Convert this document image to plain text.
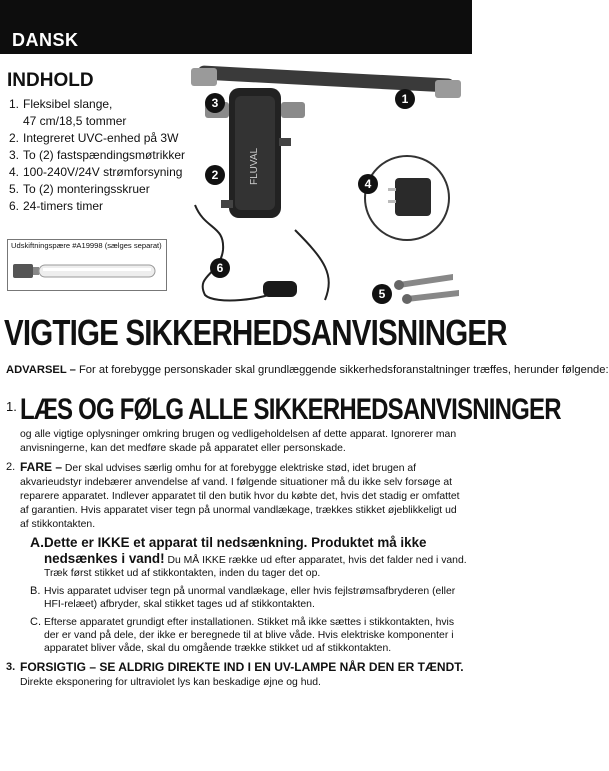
DANSK
INDHOLD
1. Fleksibel slange,
47 cm/18,5 tommer
2. Integreret UVC-enhed på 3W
3. To (2) fastspændingsmøtrikker
4. 100-240V/24V strømforsyning
5. To (2) monteringsskruer
6. 24-timers timer
Udskiftningspære #A19998 (sælges separat)
FLUVAL
1
2
3
4
5
6
VIGTIGE SIKKERHEDSANVISNINGER
ADVARSEL – For at forebygge personskader skal grundlæggende sikkerhedsforanstaltninger træffes, herunder følgende:
1. LÆS OG FØLG ALLE SIKKERHEDSANVISNINGER
og alle vigtige oplysninger omkring brugen og vedligeholdelsen af dette apparat. Ignorerer man anvisningerne, kan det medføre skade på apparatet eller personskade.
2. FARE – Der skal udvises særlig omhu for at forebygge elektriske stød, idet brugen af akvarieudstyr indebærer anvendelse af vand. I følgende situationer må du ikke selv forsøge at reparere apparatet. Indlever apparatet til den butik hvor du købte det, hvis det stadig er omfattet af garantien. Hvis apparatet viser tegn på unormal vandlækage, trækkes stikket øjeblikkeligt ud af stikkontakten.
A. Dette er IKKE et apparat til nedsænkning. Produktet må ikke nedsænkes i vand! Du MÅ IKKE række ud efter apparatet, hvis det falder ned i vand. Træk først stikket ud af stikkontakten, inden du tager det op.
B. Hvis apparatet udviser tegn på unormal vandlækage, eller hvis fejlstrømsafbryderen (eller HFI-relæet) afbryder, skal stikket tages ud af stikkontakten.
C. Efterse apparatet grundigt efter installationen. Stikket må ikke sættes i stikkontakten, hvis der er vand på dele, der ikke er beregnede til at blive våde. Hvis elektriske komponenter i apparatet bliver våde, skal du omgående trække stikket ud af stikkontakten.
3. FORSIGTIG – SE ALDRIG DIREKTE IND I EN UV-LAMPE NÅR DEN ER TÆNDT.
Direkte eksponering for ultraviolet lys kan beskadige øjne og hud.
